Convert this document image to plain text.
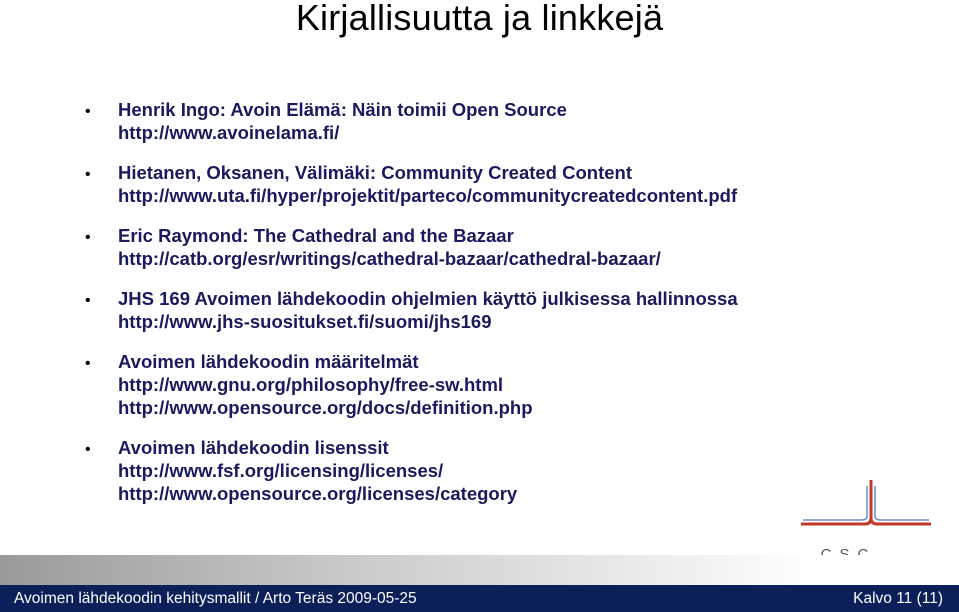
Kirjallisuutta ja linkkejä
• Henrik Ingo: Avoin Elämä: Näin toimii Open Source
http://www.avoinelama.fi/
• Hietanen, Oksanen, Välimäki: Community Created Content
http://www.uta.fi/hyper/projektit/parteco/communitycreatedcontent.pdf
• Eric Raymond: The Cathedral and the Bazaar
http://catb.org/esr/writings/cathedral-bazaar/cathedral-bazaar/
• JHS 169 Avoimen lähdekoodin ohjelmien käyttö julkisessa hallinnossa
http://www.jhs-suositukset.fi/suomi/jhs169
• Avoimen lähdekoodin määritelmät
http://www.gnu.org/philosophy/free-sw.html
http://www.opensource.org/docs/definition.php
• Avoimen lähdekoodin lisenssit
http://www.fsf.org/licensing/licenses/
http://www.opensource.org/licenses/category
Avoimen lähdekoodin kehitysmallit / Arto Teräs 2009-05-25	Kalvo 11 (11)
